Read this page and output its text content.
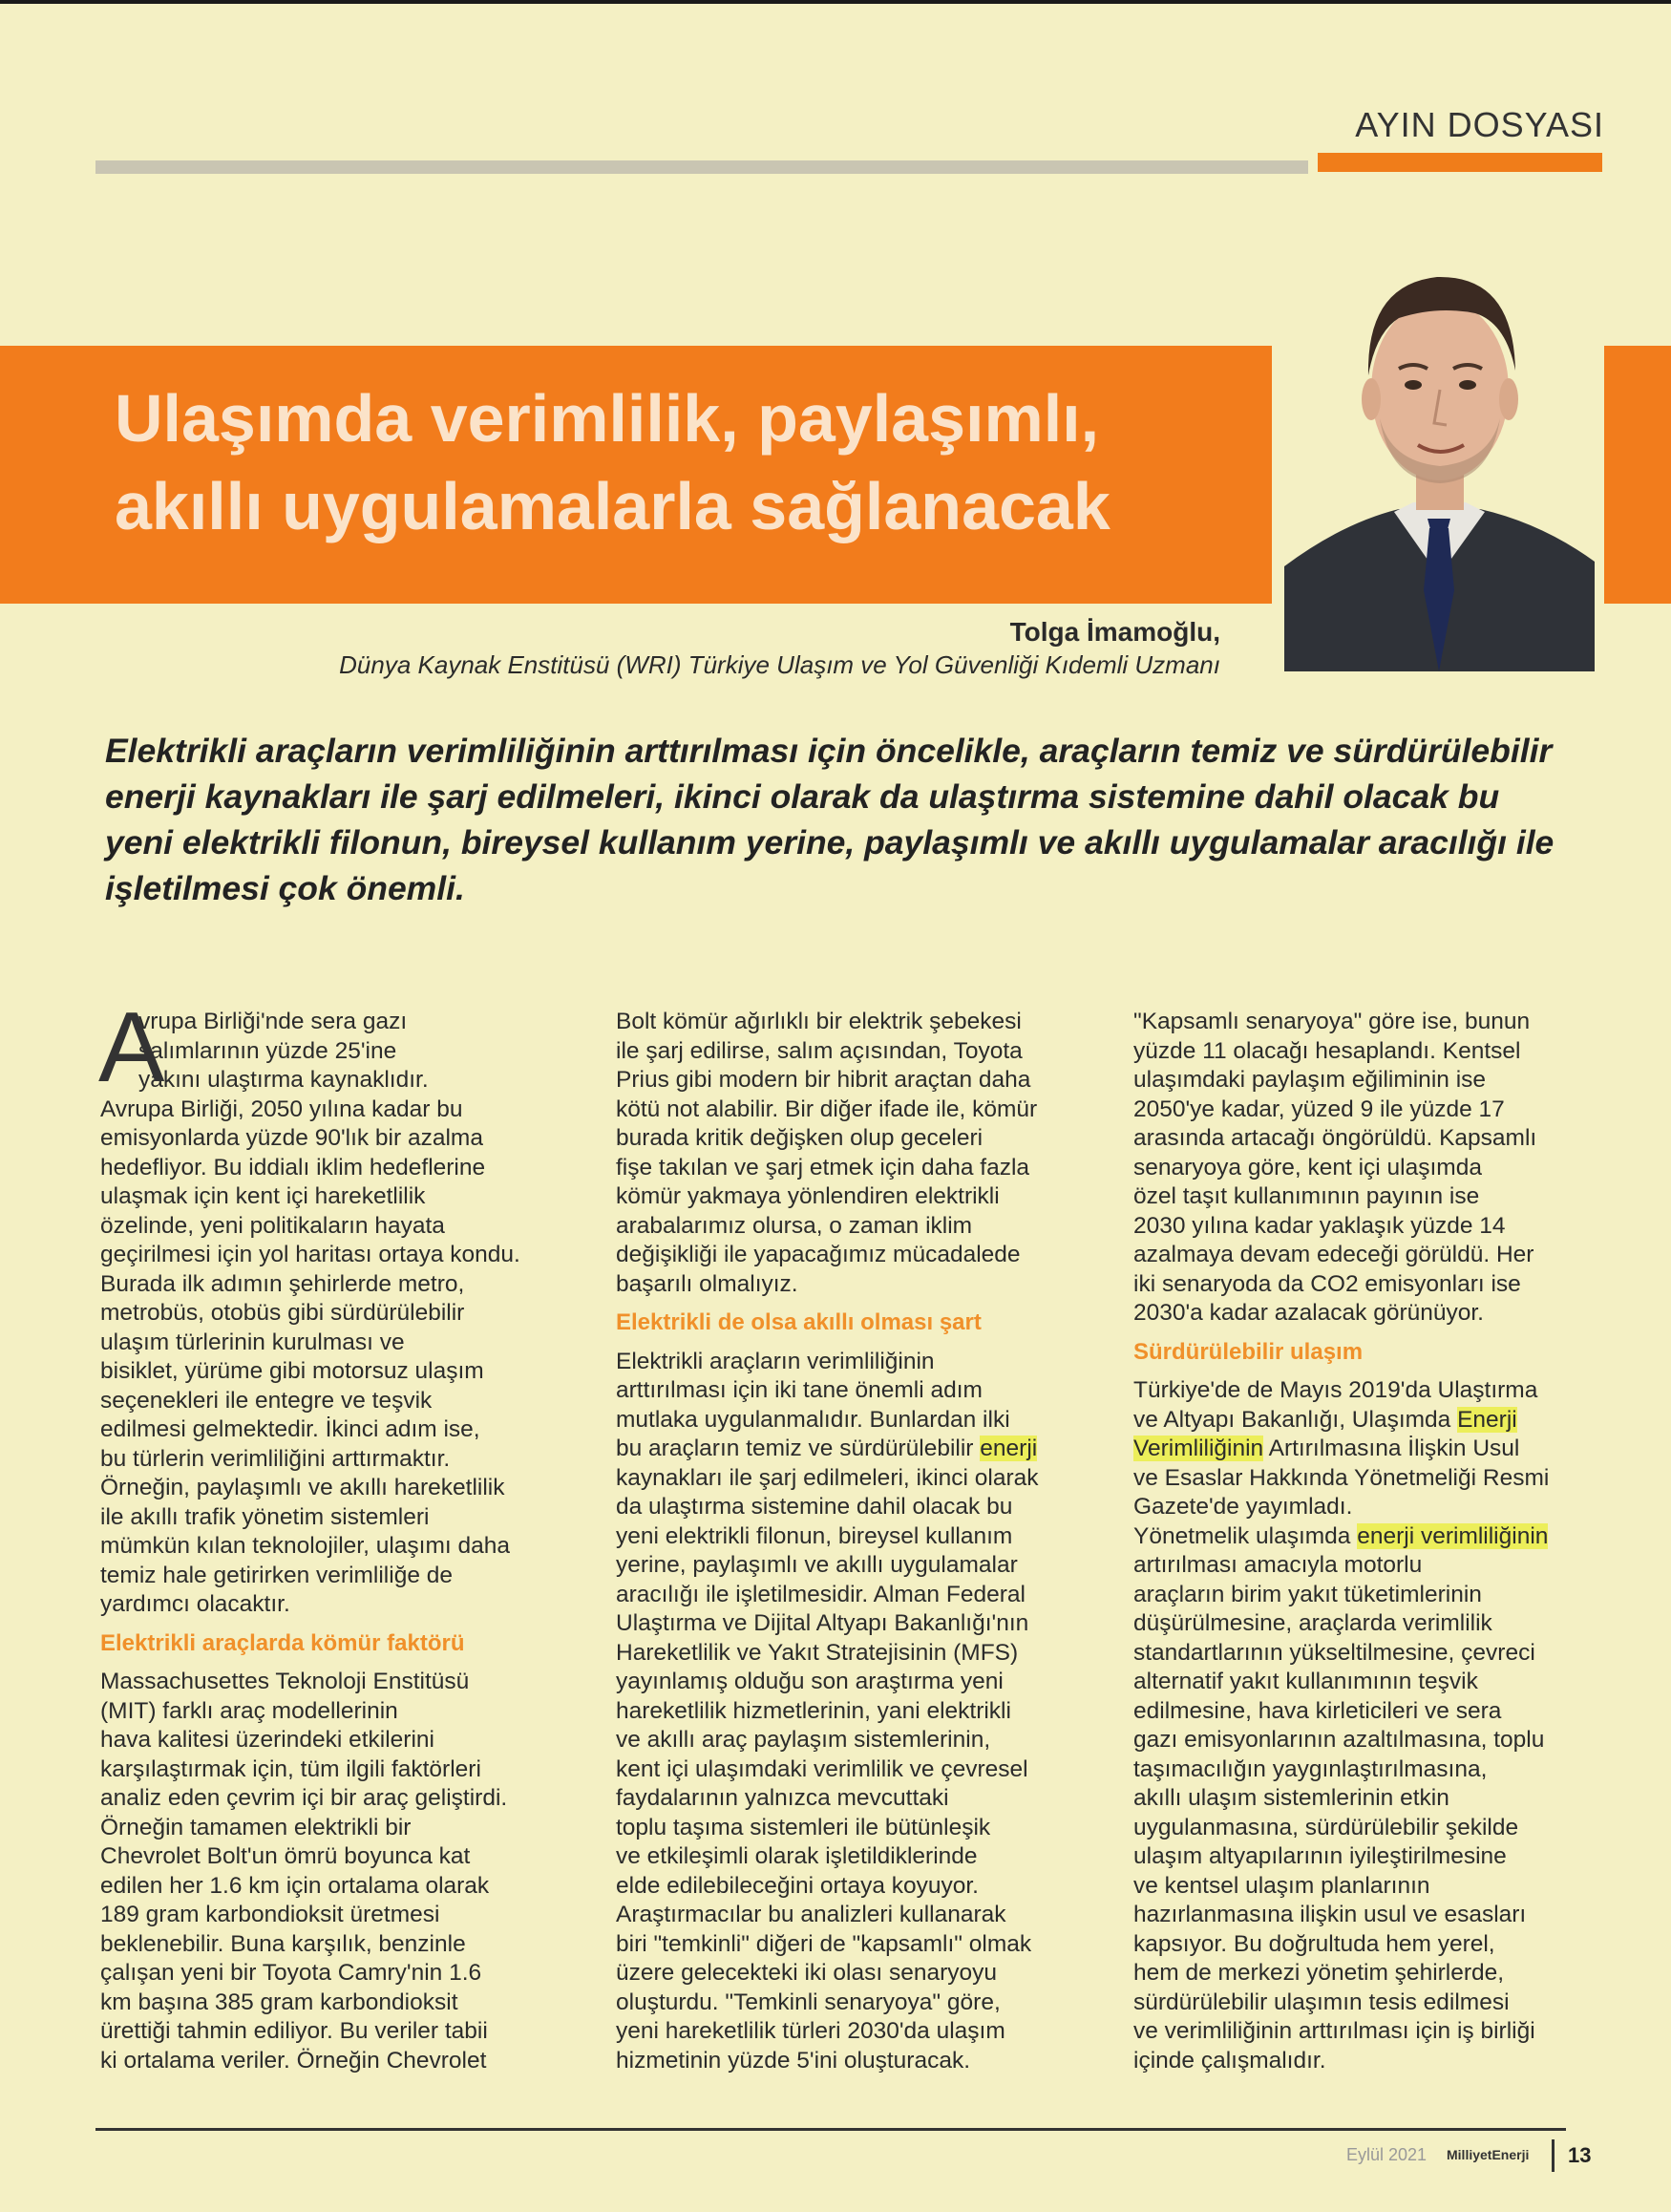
AYIN DOSYASI
Ulaşımda verimlilik, paylaşımlı,
akıllı uygulamalarla sağlanacak
Tolga İmamoğlu,
Dünya Kaynak Enstitüsü (WRI) Türkiye Ulaşım ve Yol Güvenliği Kıdemli Uzmanı
Elektrikli araçların verimliliğinin arttırılması için öncelikle, araçların temiz ve sürdürülebilir
enerji kaynakları ile şarj edilmeleri, ikinci olarak da ulaştırma sistemine dahil olacak bu
yeni elektrikli filonun, bireysel kullanım yerine, paylaşımlı ve akıllı uygulamalar aracılığı ile
işletilmesi çok önemli.
A
vrupa Birliği'nde sera gazı
salımlarının yüzde 25'ine
yakını ulaştırma kaynaklıdır.
Avrupa Birliği, 2050 yılına kadar bu
emisyonlarda yüzde 90'lık bir azalma
hedefliyor. Bu iddialı iklim hedeflerine
ulaşmak için kent içi hareketlilik
özelinde, yeni politikaların hayata
geçirilmesi için yol haritası ortaya kondu.
Burada ilk adımın şehirlerde metro,
metrobüs, otobüs gibi sürdürülebilir
ulaşım türlerinin kurulması ve
bisiklet, yürüme gibi motorsuz ulaşım
seçenekleri ile entegre ve teşvik
edilmesi gelmektedir. İkinci adım ise,
bu türlerin verimliliğini arttırmaktır.
Örneğin, paylaşımlı ve akıllı hareketlilik
ile akıllı trafik yönetim sistemleri
mümkün kılan teknolojiler, ulaşımı daha
temiz hale getirirken verimliliğe de
yardımcı olacaktır.
Elektrikli araçlarda kömür faktörü
Massachusettes Teknoloji Enstitüsü
(MIT) farklı araç modellerinin
hava kalitesi üzerindeki etkilerini
karşılaştırmak için, tüm ilgili faktörleri
analiz eden çevrim içi bir araç geliştirdi.
Örneğin tamamen elektrikli bir
Chevrolet Bolt'un ömrü boyunca kat
edilen her 1.6 km için ortalama olarak
189 gram karbondioksit üretmesi
beklenebilir. Buna karşılık, benzinle
çalışan yeni bir Toyota Camry'nin 1.6
km başına 385 gram karbondioksit
ürettiği tahmin ediliyor. Bu veriler tabii
ki ortalama veriler. Örneğin Chevrolet
Bolt kömür ağırlıklı bir elektrik şebekesi
ile şarj edilirse, salım açısından, Toyota
Prius gibi modern bir hibrit araçtan daha
kötü not alabilir. Bir diğer ifade ile, kömür
burada kritik değişken olup geceleri
fişe takılan ve şarj etmek için daha fazla
kömür yakmaya yönlendiren elektrikli
arabalarımız olursa, o zaman iklim
değişikliği ile yapacağımız mücadalede
başarılı olmalıyız.
Elektrikli de olsa akıllı olması şart
Elektrikli araçların verimliliğinin
arttırılması için iki tane önemli adım
mutlaka uygulanmalıdır. Bunlardan ilki
bu araçların temiz ve sürdürülebilir enerji
kaynakları ile şarj edilmeleri, ikinci olarak
da ulaştırma sistemine dahil olacak bu
yeni elektrikli filonun, bireysel kullanım
yerine, paylaşımlı ve akıllı uygulamalar
aracılığı ile işletilmesidir. Alman Federal
Ulaştırma ve Dijital Altyapı Bakanlığı'nın
Hareketlilik ve Yakıt Stratejisinin (MFS)
yayınlamış olduğu son araştırma yeni
hareketlilik hizmetlerinin, yani elektrikli
ve akıllı araç paylaşım sistemlerinin,
kent içi ulaşımdaki verimlilik ve çevresel
faydalarının yalnızca mevcuttaki
toplu taşıma sistemleri ile bütünleşik
ve etkileşimli olarak işletildiklerinde
elde edilebileceğini ortaya koyuyor.
Araştırmacılar bu analizleri kullanarak
biri "temkinli" diğeri de "kapsamlı" olmak
üzere gelecekteki iki olası senaryoyu
oluşturdu. "Temkinli senaryoya" göre,
yeni hareketlilik türleri 2030'da ulaşım
hizmetinin yüzde 5'ini oluşturacak.
"Kapsamlı senaryoya" göre ise, bunun
yüzde 11 olacağı hesaplandı. Kentsel
ulaşımdaki paylaşım eğiliminin ise
2050'ye kadar, yüzed 9 ile yüzde 17
arasında artacağı öngörüldü. Kapsamlı
senaryoya göre, kent içi ulaşımda
özel taşıt kullanımının payının ise
2030 yılına kadar yaklaşık yüzde 14
azalmaya devam edeceği görüldü. Her
iki senaryoda da CO2 emisyonları ise
2030'a kadar azalacak görünüyor.
Sürdürülebilir ulaşım
Türkiye'de de Mayıs 2019'da Ulaştırma
ve Altyapı Bakanlığı, Ulaşımda Enerji
Verimliliğinin Artırılmasına İlişkin Usul
ve Esaslar Hakkında Yönetmeliği Resmi
Gazete'de yayımladı.
Yönetmelik ulaşımda enerji verimliliğinin
artırılması amacıyla motorlu
araçların birim yakıt tüketimlerinin
düşürülmesine, araçlarda verimlilik
standartlarının yükseltilmesine, çevreci
alternatif yakıt kullanımının teşvik
edilmesine, hava kirleticileri ve sera
gazı emisyonlarının azaltılmasına, toplu
taşımacılığın yaygınlaştırılmasına,
akıllı ulaşım sistemlerinin etkin
uygulanmasına, sürdürülebilir şekilde
ulaşım altyapılarının iyileştirilmesine
ve kentsel ulaşım planlarının
hazırlanmasına ilişkin usul ve esasları
kapsıyor. Bu doğrultuda hem yerel,
hem de merkezi yönetim şehirlerde,
sürdürülebilir ulaşımın tesis edilmesi
ve verimliliğinin arttırılması için iş birliği
içinde çalışmalıdır.
Eylül 2021 MilliyetEnerji 13
